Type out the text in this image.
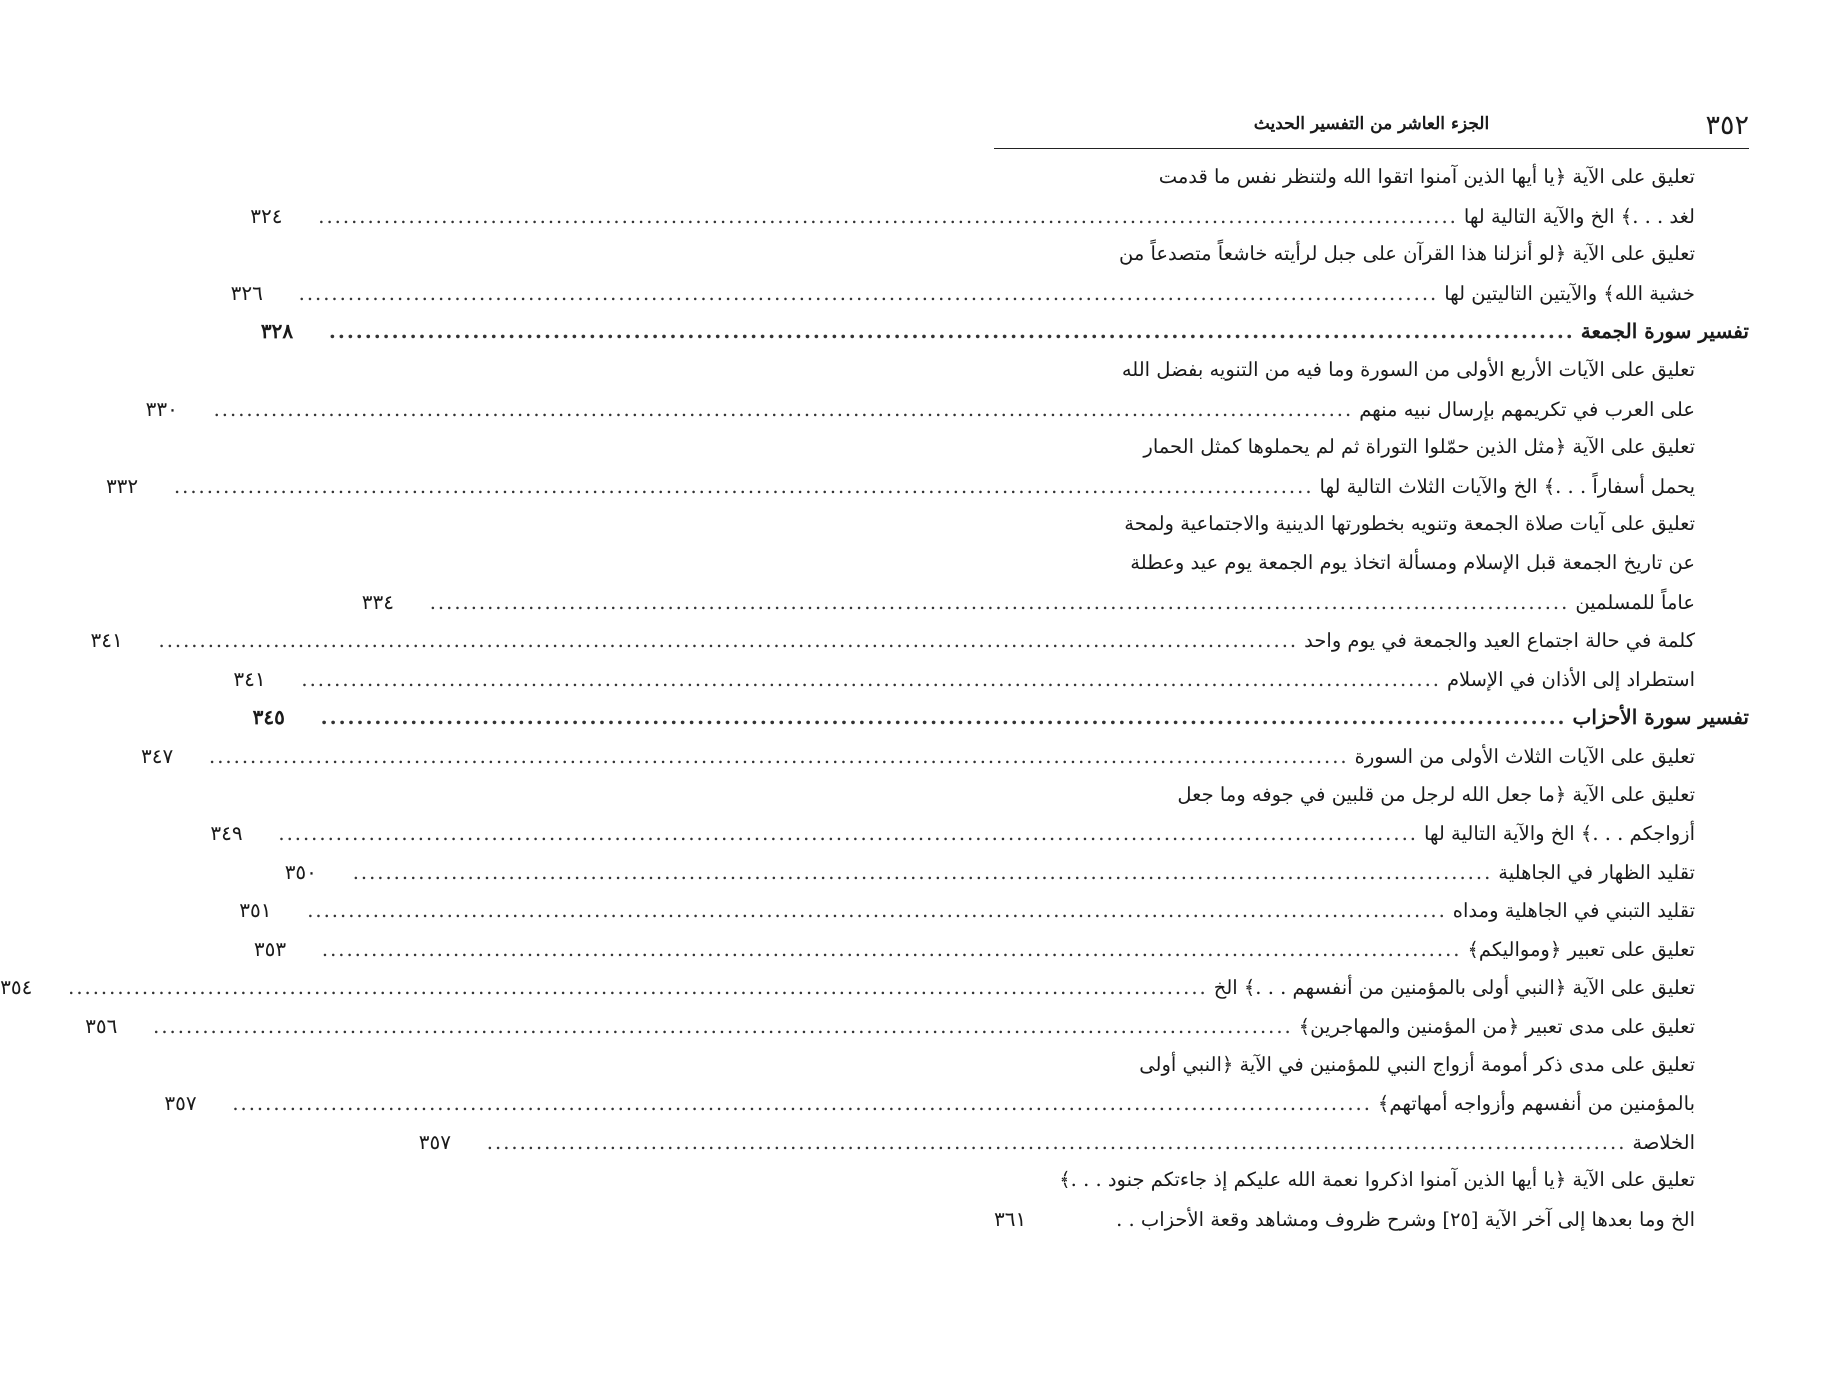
٣٥٢
الجزء العاشر من التفسير الحديث
تعليق على الآية ﴿يا أيها الذين آمنوا اتقوا الله ولتنظر نفس ما قدمت
لغد . . .﴾ الخ والآية التالية لها
...........................................................................................................................................
٣٢٤
تعليق على الآية ﴿لو أنزلنا هذا القرآن على جبل لرأيته خاشعاً متصدعاً من
خشية الله﴾ والآيتين التاليتين لها
...........................................................................................................................................
٣٢٦
تفسير سورة الجمعة
...........................................................................................................................................
٣٢٨
تعليق على الآيات الأربع الأولى من السورة وما فيه من التنويه بفضل الله
على العرب في تكريمهم بإرسال نبيه منهم
...........................................................................................................................................
٣٣٠
تعليق على الآية ﴿مثل الذين حمّلوا التوراة ثم لم يحملوها كمثل الحمار
يحمل أسفاراً . . .﴾ الخ والآيات الثلاث التالية لها
...........................................................................................................................................
٣٣٢
تعليق على آيات صلاة الجمعة وتنويه بخطورتها الدينية والاجتماعية ولمحة
عن تاريخ الجمعة قبل الإسلام ومسألة اتخاذ يوم الجمعة يوم عيد وعطلة
عاماً للمسلمين
...........................................................................................................................................
٣٣٤
كلمة في حالة اجتماع العيد والجمعة في يوم واحد
...........................................................................................................................................
٣٤١
استطراد إلى الأذان في الإسلام
...........................................................................................................................................
٣٤١
تفسير سورة الأحزاب
...........................................................................................................................................
٣٤٥
تعليق على الآيات الثلاث الأولى من السورة
...........................................................................................................................................
٣٤٧
تعليق على الآية ﴿ما جعل الله لرجل من قلبين في جوفه وما جعل
أزواجكم . . .﴾ الخ والآية التالية لها
...........................................................................................................................................
٣٤٩
تقليد الظهار في الجاهلية
...........................................................................................................................................
٣٥٠
تقليد التبني في الجاهلية ومداه
...........................................................................................................................................
٣٥١
تعليق على تعبير ﴿ومواليكم﴾
...........................................................................................................................................
٣٥٣
تعليق على الآية ﴿النبي أولى بالمؤمنين من أنفسهم . . .﴾ الخ
...........................................................................................................................................
٣٥٤
تعليق على مدى تعبير ﴿من المؤمنين والمهاجرين﴾
...........................................................................................................................................
٣٥٦
تعليق على مدى ذكر أمومة أزواج النبي للمؤمنين في الآية ﴿النبي أولى
بالمؤمنين من أنفسهم وأزواجه أمهاتهم﴾
...........................................................................................................................................
٣٥٧
الخلاصة
...........................................................................................................................................
٣٥٧
تعليق على الآية ﴿يا أيها الذين آمنوا اذكروا نعمة الله عليكم إذ جاءتكم جنود . . .﴾
الخ وما بعدها إلى آخر الآية [٢٥] وشرح ظروف ومشاهد وقعة الأحزاب . .
٣٦١
